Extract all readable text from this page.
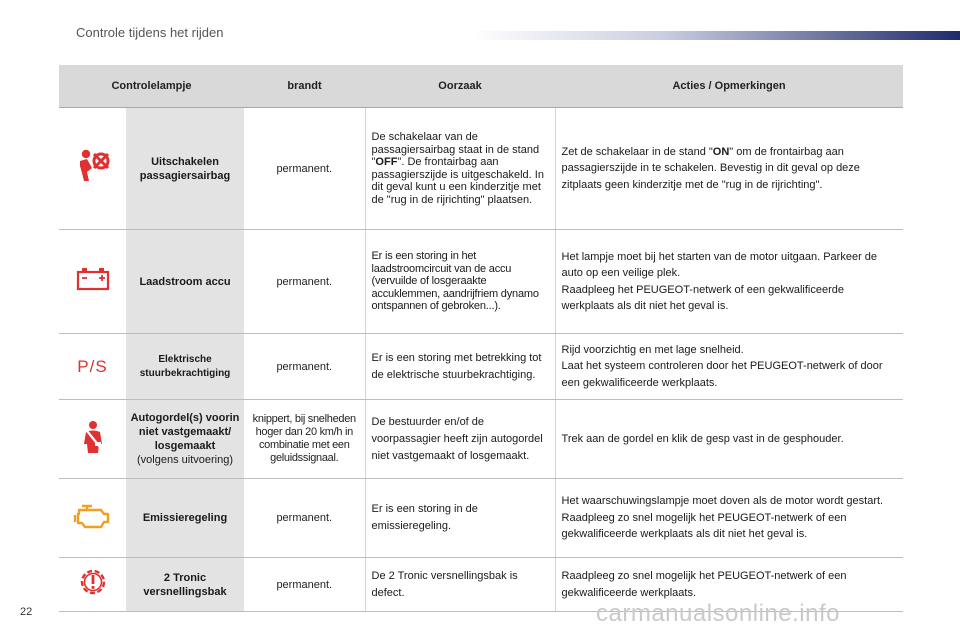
Controle tijdens het rijden
Controlelampje		brandt	Oorzaak	Acties / Opmerkingen
	Uitschakelen passagiersairbag	permanent.	De schakelaar van de passagiersairbag staat in de stand "OFF". De frontairbag aan passagierszijde is uitgeschakeld. In dit geval kunt u een kinderzitje met de "rug in de rijrichting" plaatsen.	Zet de schakelaar in de stand "ON" om de frontairbag aan passagierszijde in te schakelen. Bevestig in dit geval op deze zitplaats geen kinderzitje met de "rug in de rijrichting".
	Laadstroom accu	permanent.	Er is een storing in het laadstroomcircuit van de accu (vervuilde of losgeraakte accuklemmen, aandrijfriem dynamo ontspannen of gebroken...).	Het lampje moet bij het starten van de motor uitgaan. Parkeer de auto op een veilige plek.
Raadpleeg het PEUGEOT-netwerk of een gekwalificeerde werkplaats als dit niet het geval is.

P/S	Elektrische stuurbekrachtiging	permanent.	Er is een storing met betrekking tot de elektrische stuurbekrachtiging.	Rijd voorzichtig en met lage snelheid.
Laat het systeem controleren door het PEUGEOT-netwerk of door een gekwalificeerde werkplaats.

Autogordel(s) voorin niet vastgemaakt/ losgemaakt
(volgens uitvoering)	knippert, bij snelheden hoger dan 20 km/h in combinatie met een geluidssignaal.	De bestuurder en/of de voorpassagier heeft zijn autogordel niet vastgemaakt of losgemaakt.	Trek aan de gordel en klik de gesp vast in de gesphouder.
	Emissieregeling	permanent.	Er is een storing in de emissieregeling.	Het waarschuwingslampje moet doven als de motor wordt gestart.
Raadpleeg zo snel mogelijk het PEUGEOT-netwerk of een gekwalificeerde werkplaats als dit niet het geval is.

	2 Tronic versnellingsbak	permanent.	De 2 Tronic versnellingsbak is defect.	Raadpleeg zo snel mogelijk het PEUGEOT-netwerk of een gekwalificeerde werkplaats.
22	carmanualsonline.info
